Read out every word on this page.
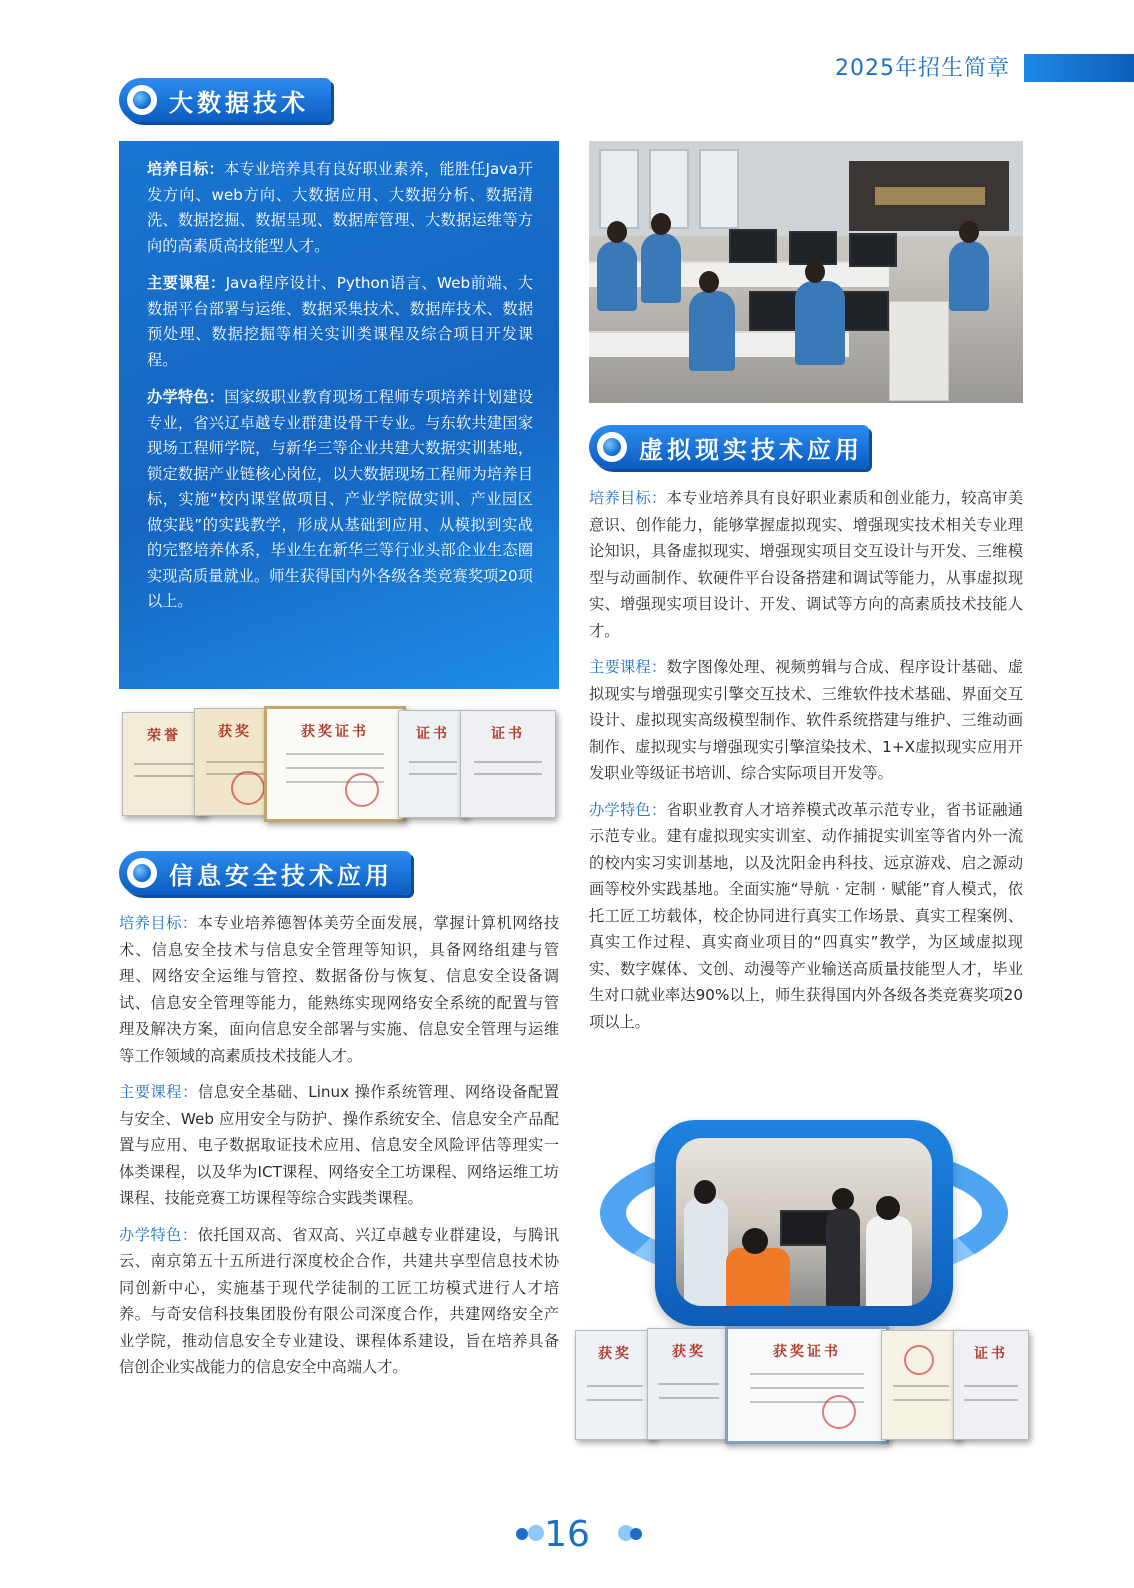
2025年招生简章
大数据技术

培养目标：本专业培养具有良好职业素养，能胜任Java开发方向、web方向、大数据应用、大数据分析、数据清洗、数据挖掘、数据呈现、数据库管理、大数据运维等方向的高素质高技能型人才。

主要课程：Java程序设计、Python语言、Web前端、大数据平台部署与运维、数据采集技术、数据库技术、数据预处理、数据挖掘等相关实训类课程及综合项目开发课程。

办学特色：国家级职业教育现场工程师专项培养计划建设专业，省兴辽卓越专业群建设骨干专业。与东软共建国家现场工程师学院，与新华三等企业共建大数据实训基地，锁定数据产业链核心岗位，以大数据现场工程师为培养目标，实施“校内课堂做项目、产业学院做实训、产业园区做实践”的实践教学，形成从基础到应用、从模拟到实战的完整培养体系，毕业生在新华三等行业头部企业生态圈实现高质量就业。师生获得国内外各级各类竞赛奖项20项以上。

虚拟现实技术应用

培养目标：本专业培养具有良好职业素质和创业能力，较高审美意识、创作能力，能够掌握虚拟现实、增强现实技术相关专业理论知识，具备虚拟现实、增强现实项目交互设计与开发、三维模型与动画制作、软硬件平台设备搭建和调试等能力，从事虚拟现实、增强现实项目设计、开发、调试等方向的高素质技术技能人才。

主要课程：数字图像处理、视频剪辑与合成、程序设计基础、虚拟现实与增强现实引擎交互技术、三维软件技术基础、界面交互设计、虚拟现实高级模型制作、软件系统搭建与维护、三维动画制作、虚拟现实与增强现实引擎渲染技术、1+X虚拟现实应用开发职业等级证书培训、综合实际项目开发等。

办学特色：省职业教育人才培养模式改革示范专业，省书证融通示范专业。建有虚拟现实实训室、动作捕捉实训室等省内外一流的校内实习实训基地，以及沈阳金冉科技、远京游戏、启之源动画等校外实践基地。全面实施“导航 · 定制 · 赋能”育人模式，依托工匠工坊载体，校企协同进行真实工作场景、真实工程案例、真实工作过程、真实商业项目的“四真实”教学，为区域虚拟现实、数字媒体、文创、动漫等产业输送高质量技能型人才，毕业生对口就业率达90%以上，师生获得国内外各级各类竞赛奖项20项以上。

荣誉	获奖	获奖证书	证书	证书
信息安全技术应用

培养目标：本专业培养德智体美劳全面发展，掌握计算机网络技术、信息安全技术与信息安全管理等知识，具备网络组建与管理、网络安全运维与管控、数据备份与恢复、信息安全设备调试、信息安全管理等能力，能熟练实现网络安全系统的配置与管理及解决方案，面向信息安全部署与实施、信息安全管理与运维等工作领域的高素质技术技能人才。

主要课程：信息安全基础、Linux 操作系统管理、网络设备配置与安全、Web 应用安全与防护、操作系统安全、信息安全产品配置与应用、电子数据取证技术应用、信息安全风险评估等理实一体类课程，以及华为ICT课程、网络安全工坊课程、网络运维工坊课程、技能竞赛工坊课程等综合实践类课程。

办学特色：依托国双高、省双高、兴辽卓越专业群建设，与腾讯云、南京第五十五所进行深度校企合作，共建共享型信息技术协同创新中心，实施基于现代学徒制的工匠工坊模式进行人才培养。与奇安信科技集团股份有限公司深度合作，共建网络安全产业学院，推动信息安全专业建设、课程体系建设，旨在培养具备信创企业实战能力的信息安全中高端人才。

获奖	获奖	获奖证书	证书
16
